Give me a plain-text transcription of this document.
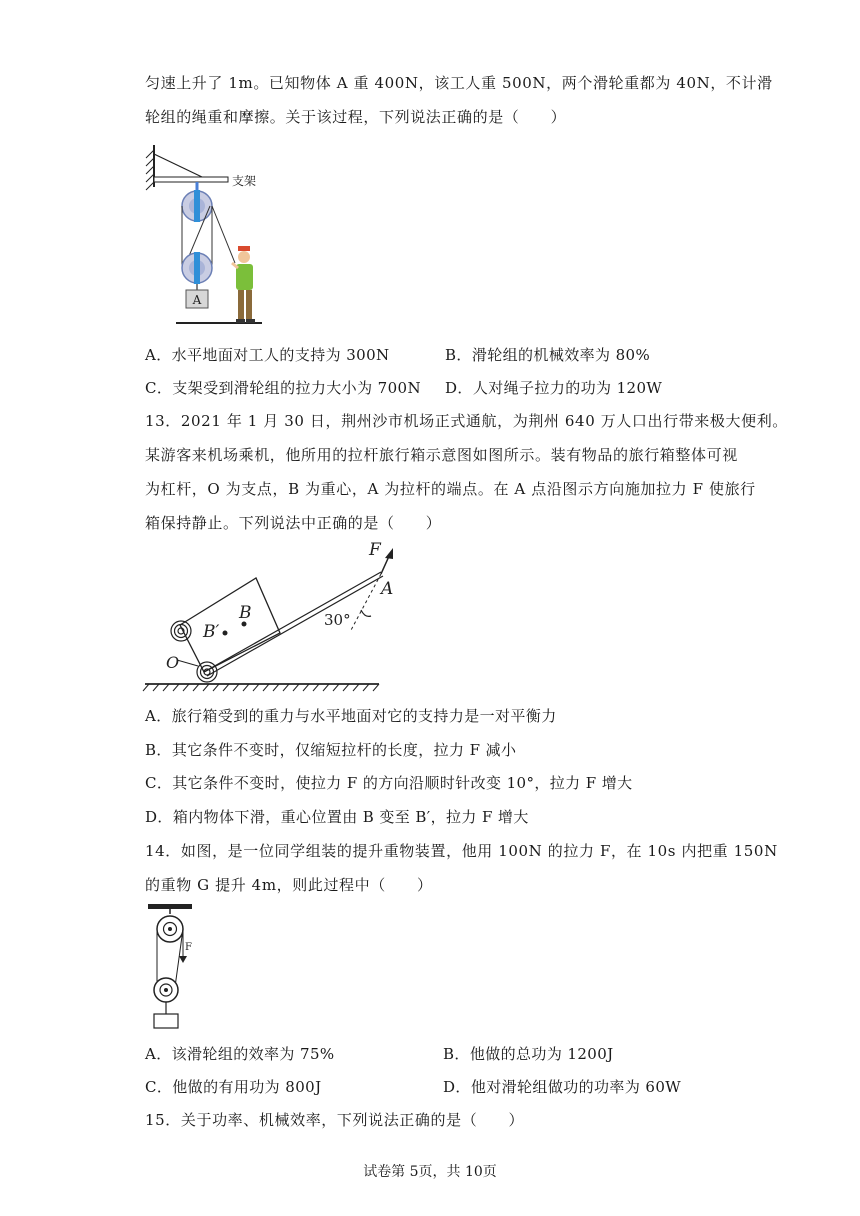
匀速上升了 1m。已知物体 A 重 400N，该工人重 500N，两个滑轮重都为 40N，不计滑
轮组的绳重和摩擦。关于该过程，下列说法正确的是（　　）
支架
A
A．水平地面对工人的支持为 300N	B．滑轮组的机械效率为 80%
C．支架受到滑轮组的拉力大小为 700N D．人对绳子拉力的功为 120W
13．2021 年 1 月 30 日，荆州沙市机场正式通航，为荆州 640 万人口出行带来极大便利。
某游客来机场乘机，他所用的拉杆旅行箱示意图如图所示。装有物品的旅行箱整体可视
为杠杆，O 为支点，B 为重心，A 为拉杆的端点。在 A 点沿图示方向施加拉力 F 使旅行
箱保持静止。下列说法中正确的是（　　）
B
B′
O
30°
F
A
A．旅行箱受到的重力与水平地面对它的支持力是一对平衡力
B．其它条件不变时，仅缩短拉杆的长度，拉力 F 减小
C．其它条件不变时，使拉力 F 的方向沿顺时针改变 10°，拉力 F 增大
D．箱内物体下滑，重心位置由 B 变至 B′，拉力 F 增大
14．如图，是一位同学组装的提升重物装置，他用 100N 的拉力 F，在 10s 内把重 150N
的重物 G 提升 4m，则此过程中（　　）
F
A．该滑轮组的效率为 75%	B．他做的总功为 1200J
C．他做的有用功为 800J	D．他对滑轮组做功的功率为 60W
15．关于功率、机械效率，下列说法正确的是（　　）
试卷第 5页，共 10页
